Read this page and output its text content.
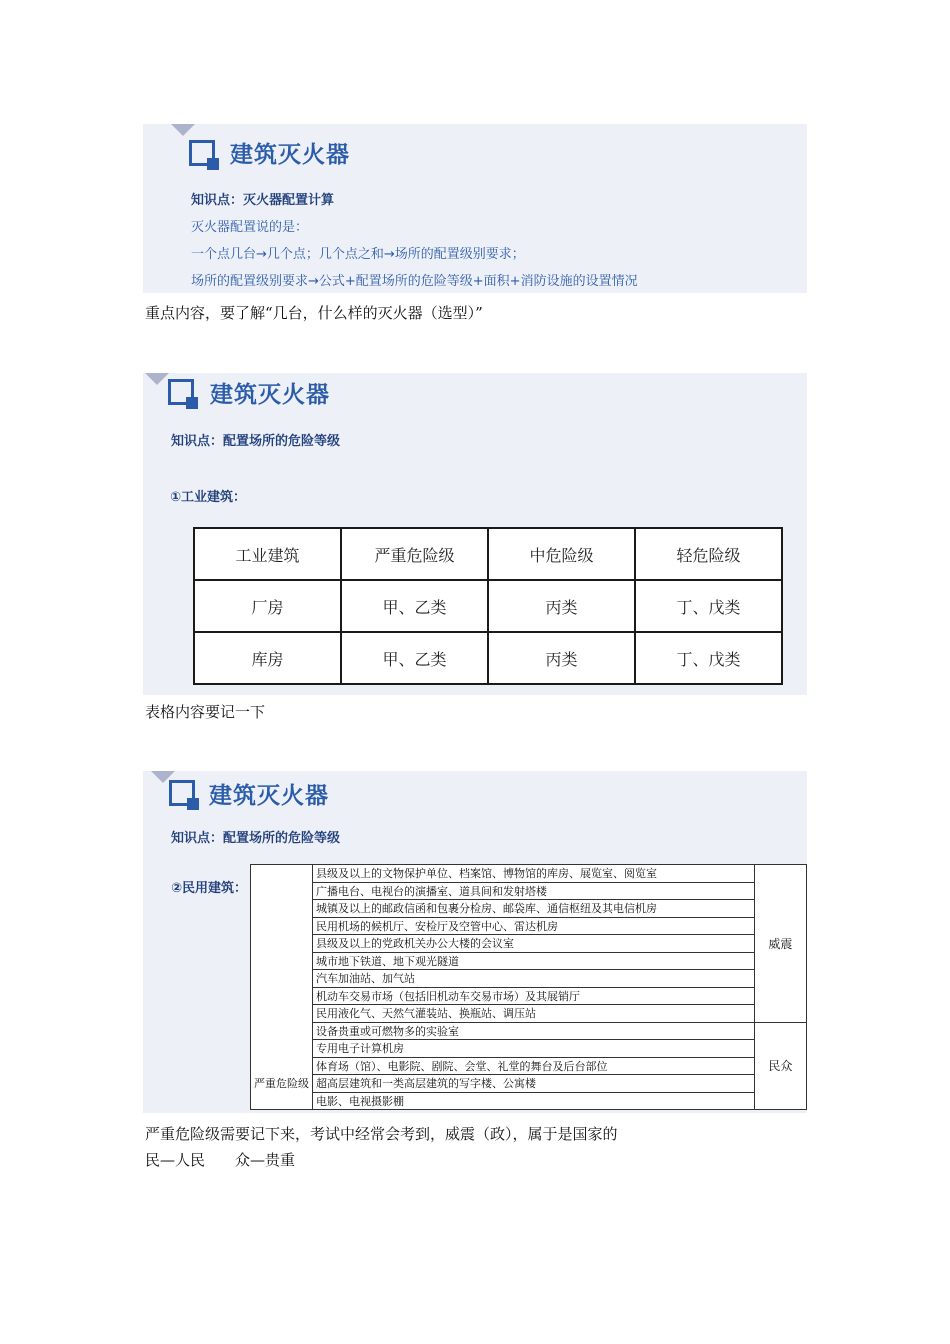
建筑灭火器
知识点：灭火器配置计算
灭火器配置说的是：
一个点几台→几个点；几个点之和→场所的配置级别要求；
场所的配置级别要求→公式+配置场所的危险等级+面积+消防设施的设置情况
重点内容，要了解“几台，什么样的灭火器（选型）”
建筑灭火器
知识点：配置场所的危险等级
①工业建筑：
工业建筑	严重危险级	中危险级	轻危险级
厂房	甲、乙类	丙类	丁、戊类
库房	甲、乙类	丙类	丁、戊类
表格内容要记一下
建筑灭火器
知识点：配置场所的危险等级
②民用建筑：
严重危险级	县级及以上的文物保护单位、档案馆、博物馆的库房、展览室、阅览室	威震
	广播电台、电视台的演播室、道具间和发射塔楼	
	城镇及以上的邮政信函和包裹分检房、邮袋库、通信枢纽及其电信机房	
	民用机场的候机厅、安检厅及空管中心、雷达机房	
	县级及以上的党政机关办公大楼的会议室	
	城市地下铁道、地下观光隧道	
	汽车加油站、加气站	
	机动车交易市场（包括旧机动车交易市场）及其展销厅	
	民用液化气、天然气灌装站、换瓶站、调压站	
	设备贵重或可燃物多的实验室	民众
	专用电子计算机房	
	体育场（馆）、电影院、剧院、会堂、礼堂的舞台及后台部位	
	超高层建筑和一类高层建筑的写字楼、公寓楼	
	电影、电视摄影棚	
严重危险级需要记下来，考试中经常会考到，威震（政），属于是国家的
民—人民　　众—贵重
